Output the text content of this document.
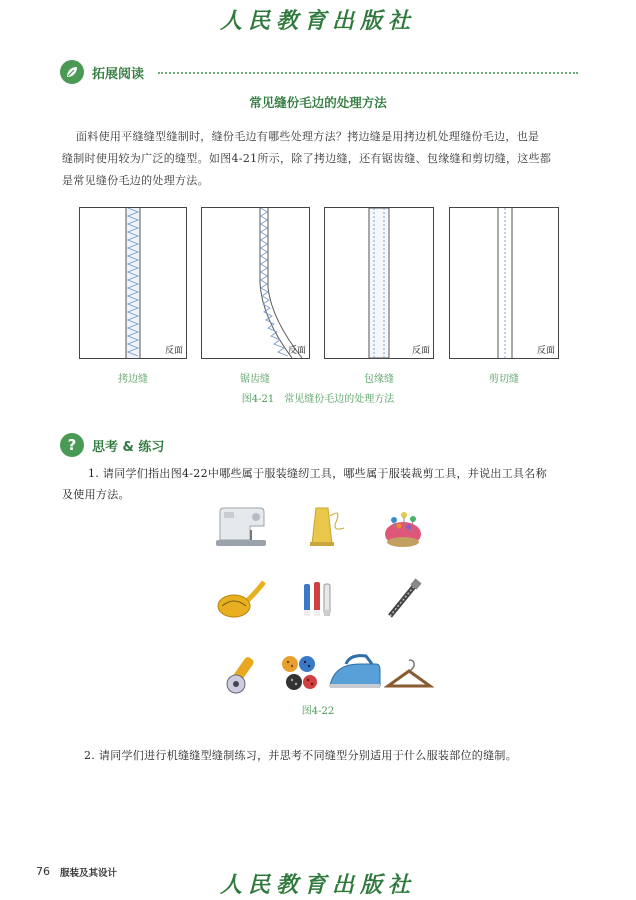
人民教育出版社
拓展阅读
常见缝份毛边的处理方法
面料使用平缝缝型缝制时，缝份毛边有哪些处理方法？拷边缝是用拷边机处理缝份毛边，也是
缝制时使用较为广泛的缝型。如图4-21所示，除了拷边缝，还有锯齿缝、包缘缝和剪切缝，这些都
是常见缝份毛边的处理方法。
反面
拷边缝
反面
锯齿缝
反面
包缘缝
反面
剪切缝
图4-21　常见缝份毛边的处理方法
?	思考 & 练习
1. 请同学们指出图4-22中哪些属于服装缝纫工具，哪些属于服装裁剪工具，并说出工具名称
及使用方法。
图4-22
2. 请同学们进行机缝缝型缝制练习，并思考不同缝型分别适用于什么服装部位的缝制。
76 服装及其设计	人民教育出版社
